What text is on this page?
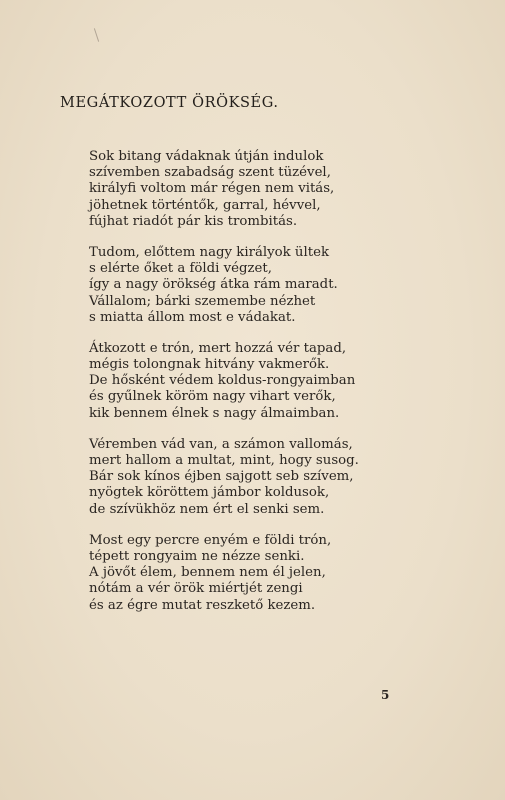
MEGÁTKOZOTT ÖRÖKSÉG.
Sok bitang vádaknak útján indulok
szívemben szabadság szent tüzével,
királyfi voltom már régen nem vitás,
jöhetnek történtők, garral, hévvel,
fújhat riadót pár kis trombitás.
Tudom, előttem nagy királyok ültek
s elérte őket a földi végzet,
így a nagy örökség átka rám maradt.
Vállalom; bárki szemembe nézhet
s miatta állom most e vádakat.
Átkozott e trón, mert hozzá vér tapad,
mégis tolongnak hitvány vakmerők.
De hősként védem koldus-rongyaimban
és gyűlnek köröm nagy vihart verők,
kik bennem élnek s nagy álmaimban.
Véremben vád van, a számon vallomás,
mert hallom a multat, mint, hogy susog.
Bár sok kínos éjben sajgott seb szívem,
nyögtek köröttem jámbor koldusok,
de szívükhöz nem ért el senki sem.
Most egy percre enyém e földi trón,
tépett rongyaim ne nézze senki.
A jövőt élem, bennem nem él jelen,
nótám a vér örök miértjét zengi
és az égre mutat reszkető kezem.
5
